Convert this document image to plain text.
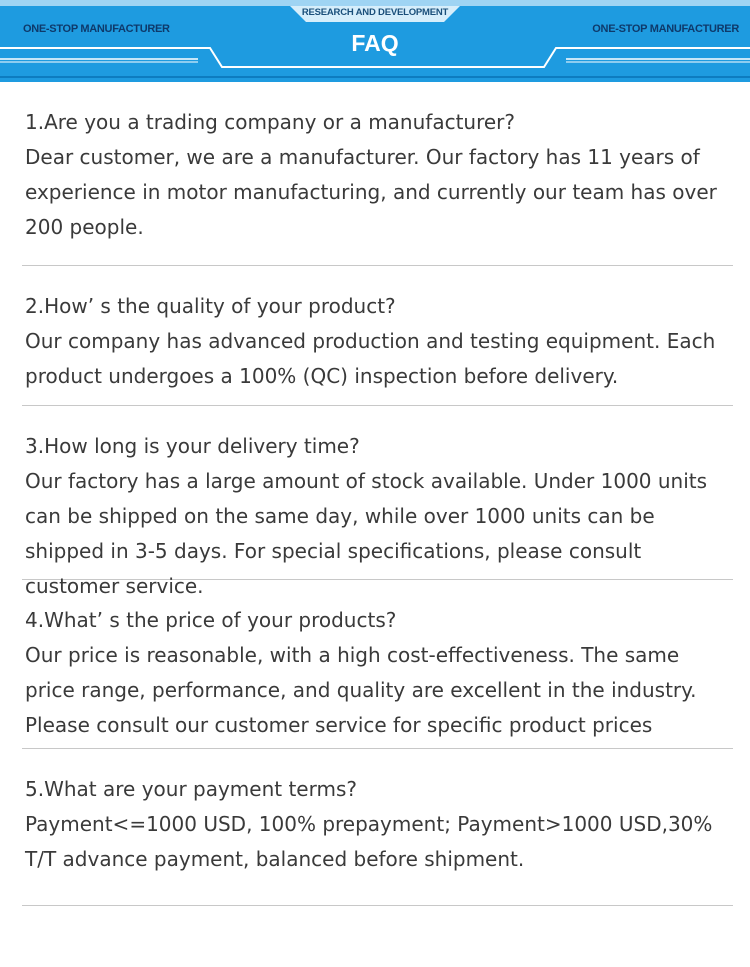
RESEARCH AND DEVELOPMENT
ONE-STOP MANUFACTURER	ONE-STOP MANUFACTURER
FAQ

1.Are you a trading company or a manufacturer?

Dear customer, we are a manufacturer. Our factory has 11 years of experience in motor manufacturing, and currently our team has over 200 people.

2.How’ s the quality of your product?

Our company has advanced production and testing equipment. Each product undergoes a 100% (QC) inspection before delivery.

3.How long is your delivery time?

Our factory has a large amount of stock available. Under 1000 units can be shipped on the same day, while over 1000 units can be shipped in 3-5 days. For special specifications, please consult customer service.

4.What’ s the price of your products?

Our price is reasonable, with a high cost-effectiveness. The same price range, performance, and quality are excellent in the industry. Please consult our customer service for specific product prices

5.What are your payment terms?

Payment<=1000 USD, 100% prepayment; Payment>1000 USD,30% T/T advance payment, balanced before shipment.
